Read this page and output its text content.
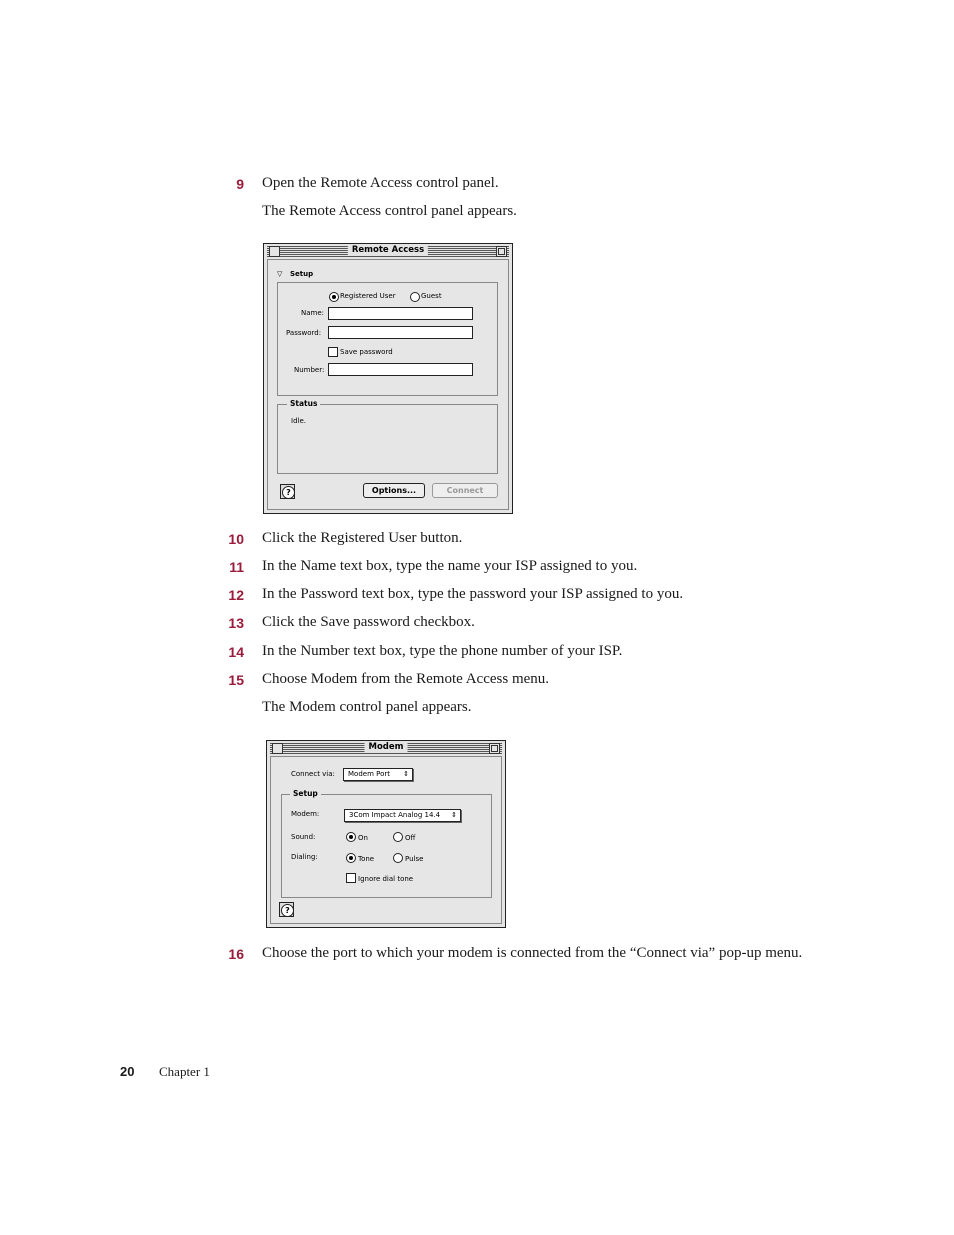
9 Open the Remote Access control panel.
The Remote Access control panel appears.
Remote Access
▽ Setup
Registered User	Guest
Name:
Password:
Save password
Number:
Status
Idle.
?	Options...	Connect
10 Click the Registered User button.
11 In the Name text box, type the name your ISP assigned to you.
12 In the Password text box, type the password your ISP assigned to you.
13 Click the Save password checkbox.
14 In the Number text box, type the phone number of your ISP.
15 Choose Modem from the Remote Access menu.
The Modem control panel appears.
Modem
Connect via:	Modem Port ⇕
Setup
Modem:	3Com Impact Analog 14.4 ⇕
Sound:	On	Off
Dialing:	Tone	Pulse
Ignore dial tone
?
16 Choose the port to which your modem is connected from the “Connect via” pop-up menu.
20 Chapter 1
